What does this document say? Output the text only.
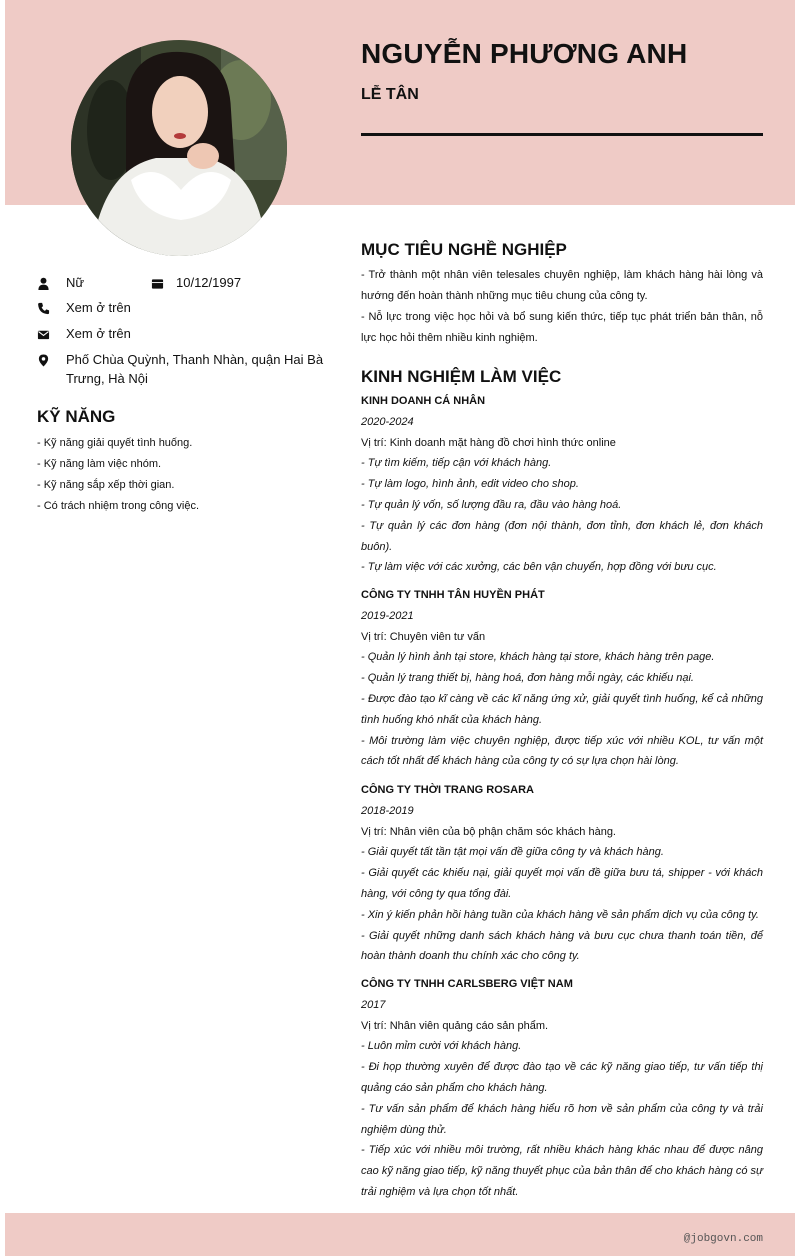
NGUYỄN PHƯƠNG ANH
LỄ TÂN
Nữ	10/12/1997
Xem ở trên
Xem ở trên
Phố Chùa Quỳnh, Thanh Nhàn, quận Hai Bà
Trưng, Hà Nội
KỸ NĂNG
- Kỹ năng giải quyết tình huống.
- Kỹ năng làm việc nhóm.
- Kỹ năng sắp xếp thời gian.
- Có trách nhiệm trong công việc.
MỤC TIÊU NGHỀ NGHIỆP

- Trở thành một nhân viên telesales chuyên nghiệp, làm khách hàng hài lòng và hướng đến hoàn thành những mục tiêu chung của công ty.

- Nỗ lực trong việc học hỏi và bổ sung kiến thức, tiếp tục phát triển bản thân, nỗ lực học hỏi thêm nhiều kinh nghiệm.

KINH NGHIỆM LÀM VIỆC

KINH DOANH CÁ NHÂN

2020-2024

Vị trí: Kinh doanh mặt hàng đồ chơi hình thức online

- Tự tìm kiếm, tiếp cận với khách hàng.

- Tự làm logo, hình ảnh, edit video cho shop.

- Tự quản lý vốn, số lượng đầu ra, đầu vào hàng hoá.

- Tự quản lý các đơn hàng (đơn nội thành, đơn tỉnh, đơn khách lẻ, đơn khách buôn).

- Tự làm việc với các xưởng, các bên vận chuyển, hợp đồng với bưu cục.

CÔNG TY TNHH TÂN HUYỀN PHÁT

2019-2021

Vị trí: Chuyên viên tư vấn

- Quản lý hình ảnh tại store, khách hàng tại store, khách hàng trên page.

- Quản lý trang thiết bị, hàng hoá, đơn hàng mỗi ngày, các khiếu nại.

- Được đào tạo kĩ càng về các kĩ năng ứng xử, giải quyết tình huống, kể cả những tình huống khó nhất của khách hàng.

- Môi trường làm việc chuyên nghiệp, được tiếp xúc với nhiều KOL, tư vấn một cách tốt nhất để khách hàng của công ty có sự lựa chọn hài lòng.

CÔNG TY THỜI TRANG ROSARA

2018-2019

Vị trí: Nhân viên của bộ phận chăm sóc khách hàng.

- Giải quyết tất tần tật mọi vấn đề giữa công ty và khách hàng.

- Giải quyết các khiếu nại, giải quyết mọi vấn đề giữa bưu tá, shipper - với khách hàng, với công ty qua tổng đài.

- Xin ý kiến phản hồi hàng tuần của khách hàng về sản phẩm dịch vụ của công ty.

- Giải quyết những danh sách khách hàng và bưu cục chưa thanh toán tiền, để hoàn thành doanh thu chính xác cho công ty.

CÔNG TY TNHH CARLSBERG VIỆT NAM

2017

Vị trí: Nhân viên quảng cáo sản phẩm.

- Luôn mỉm cười với khách hàng.

- Đi họp thường xuyên để được đào tạo về các kỹ năng giao tiếp, tư vấn tiếp thị quảng cáo sản phẩm cho khách hàng.

- Tư vấn sản phẩm để khách hàng hiểu rõ hơn về sản phẩm của công ty và trải nghiệm dùng thử.

- Tiếp xúc với nhiều môi trường, rất nhiều khách hàng khác nhau để được nâng cao kỹ năng giao tiếp, kỹ năng thuyết phục của bản thân để cho khách hàng có sự trải nghiệm và lựa chọn tốt nhất.

@jobgovn.com
